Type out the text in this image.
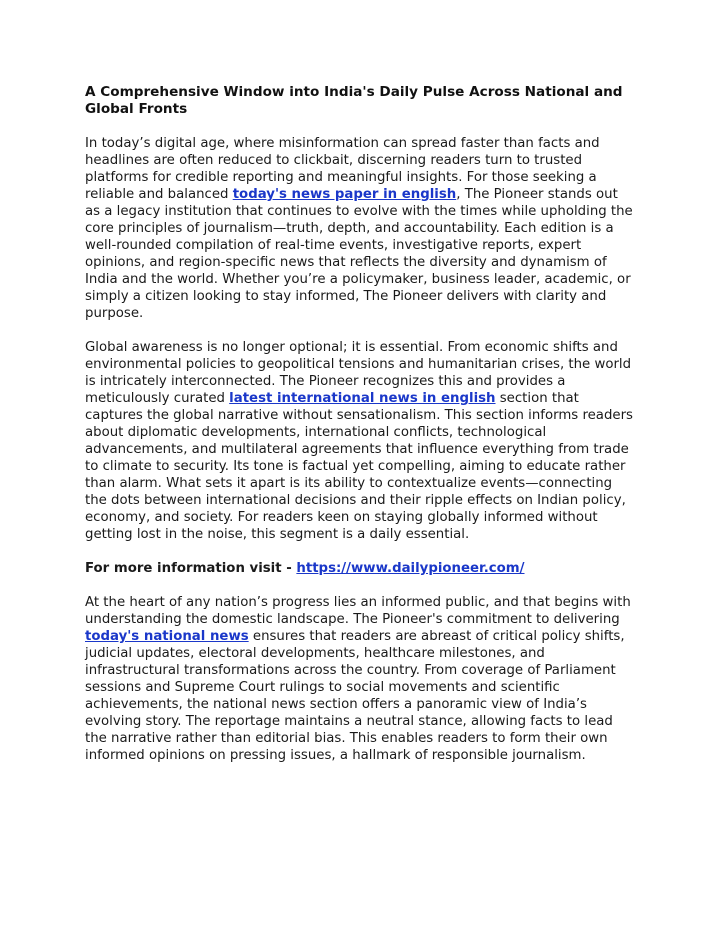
A Comprehensive Window into India's Daily Pulse Across National and Global Fronts

In today’s digital age, where misinformation can spread faster than facts and headlines are often reduced to clickbait, discerning readers turn to trusted platforms for credible reporting and meaningful insights. For those seeking a reliable and balanced today's news paper in english, The Pioneer stands out as a legacy institution that continues to evolve with the times while upholding the core principles of journalism—truth, depth, and accountability. Each edition is a well-rounded compilation of real-time events, investigative reports, expert opinions, and region-specific news that reflects the diversity and dynamism of India and the world. Whether you’re a policymaker, business leader, academic, or simply a citizen looking to stay informed, The Pioneer delivers with clarity and purpose.

Global awareness is no longer optional; it is essential. From economic shifts and environmental policies to geopolitical tensions and humanitarian crises, the world is intricately interconnected. The Pioneer recognizes this and provides a meticulously curated latest international news in english section that captures the global narrative without sensationalism. This section informs readers about diplomatic developments, international conflicts, technological advancements, and multilateral agreements that influence everything from trade to climate to security. Its tone is factual yet compelling, aiming to educate rather than alarm. What sets it apart is its ability to contextualize events—connecting the dots between international decisions and their ripple effects on Indian policy, economy, and society. For readers keen on staying globally informed without getting lost in the noise, this segment is a daily essential.

For more information visit - https://www.dailypioneer.com/

At the heart of any nation’s progress lies an informed public, and that begins with understanding the domestic landscape. The Pioneer's commitment to delivering today's national news ensures that readers are abreast of critical policy shifts, judicial updates, electoral developments, healthcare milestones, and infrastructural transformations across the country. From coverage of Parliament sessions and Supreme Court rulings to social movements and scientific achievements, the national news section offers a panoramic view of India’s evolving story. The reportage maintains a neutral stance, allowing facts to lead the narrative rather than editorial bias. This enables readers to form their own informed opinions on pressing issues, a hallmark of responsible journalism.
